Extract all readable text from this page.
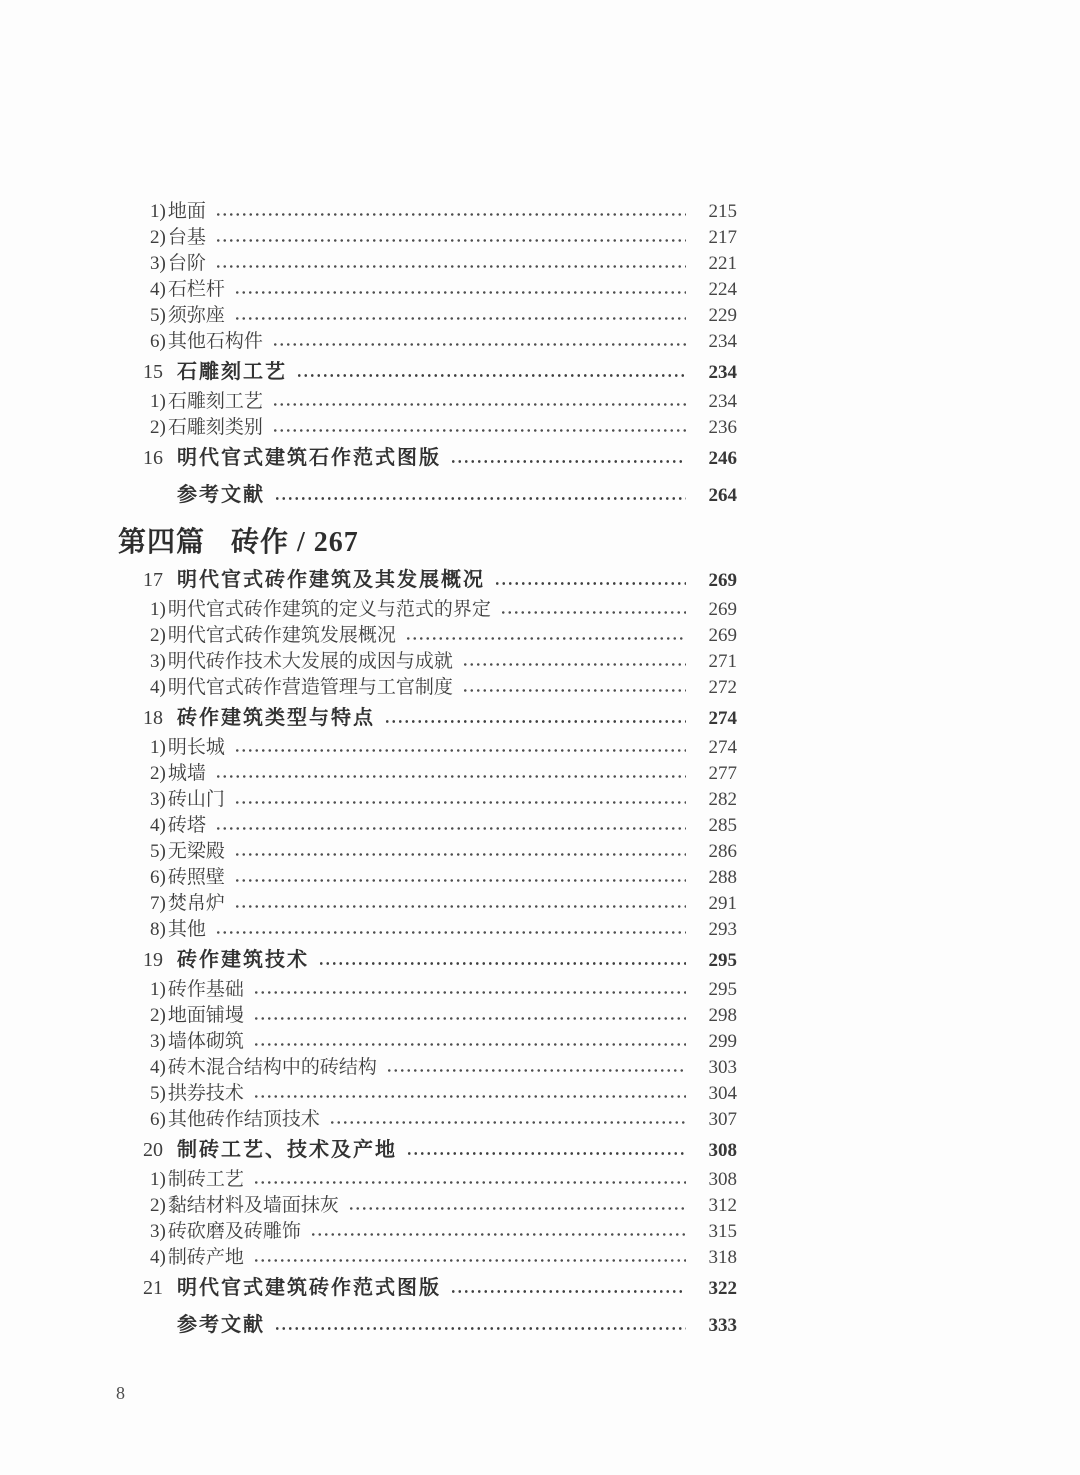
1) 地面	215
2) 台基	217
3) 台阶	221
4) 石栏杆	224
5) 须弥座	229
6) 其他石构件	234
15 石雕刻工艺	234
1) 石雕刻工艺	234
2) 石雕刻类别	236
16 明代官式建筑石作范式图版	246
参考文献	264
第四篇 砖作 / 267
17 明代官式砖作建筑及其发展概况	269
1) 明代官式砖作建筑的定义与范式的界定	269
2) 明代官式砖作建筑发展概况	269
3) 明代砖作技术大发展的成因与成就	271
4) 明代官式砖作营造管理与工官制度	272
18 砖作建筑类型与特点	274
1) 明长城	274
2) 城墙	277
3) 砖山门	282
4) 砖塔	285
5) 无梁殿	286
6) 砖照壁	288
7) 焚帛炉	291
8) 其他	293
19 砖作建筑技术	295
1) 砖作基础	295
2) 地面铺墁	298
3) 墙体砌筑	299
4) 砖木混合结构中的砖结构	303
5) 拱券技术	304
6) 其他砖作结顶技术	307
20 制砖工艺、技术及产地	308
1) 制砖工艺	308
2) 黏结材料及墙面抹灰	312
3) 砖砍磨及砖雕饰	315
4) 制砖产地	318
21 明代官式建筑砖作范式图版	322
参考文献	333
8
